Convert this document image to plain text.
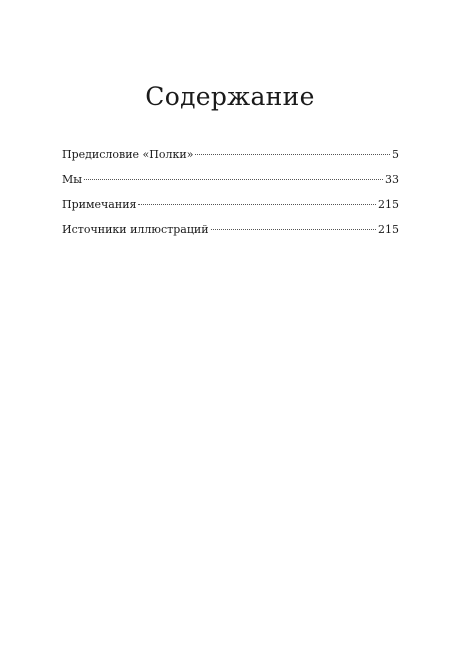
Содержание
Предисловие «Полки»	5
Мы	33
Примечания	215
Источники иллюстраций	215
